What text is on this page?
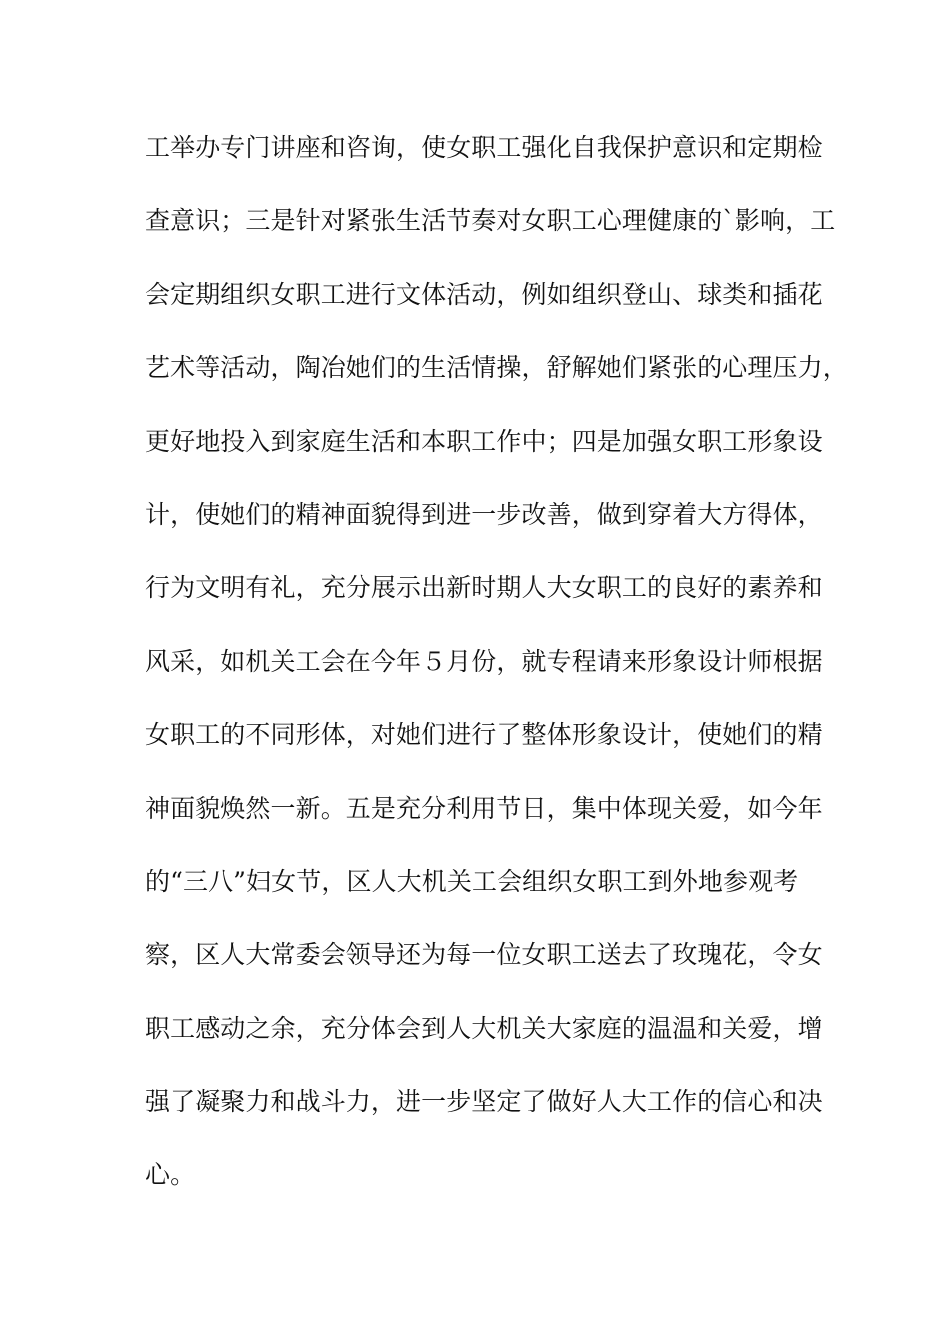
工举办专门讲座和咨询，使女职工强化自我保护意识和定期检
查意识；三是针对紧张生活节奏对女职工心理健康的`影响，工
会定期组织女职工进行文体活动，例如组织登山、球类和插花
艺术等活动，陶冶她们的生活情操，舒解她们紧张的心理压力，
更好地投入到家庭生活和本职工作中；四是加强女职工形象设
计，使她们的精神面貌得到进一步改善，做到穿着大方得体，
行为文明有礼，充分展示出新时期人大女职工的良好的素养和
风采，如机关工会在今年５月份，就专程请来形象设计师根据
女职工的不同形体，对她们进行了整体形象设计，使她们的精
神面貌焕然一新。五是充分利用节日，集中体现关爱，如今年
的“三八”妇女节，区人大机关工会组织女职工到外地参观考
察，区人大常委会领导还为每一位女职工送去了玫瑰花，令女
职工感动之余，充分体会到人大机关大家庭的温温和关爱，增
强了凝聚力和战斗力，进一步坚定了做好人大工作的信心和决
心。
